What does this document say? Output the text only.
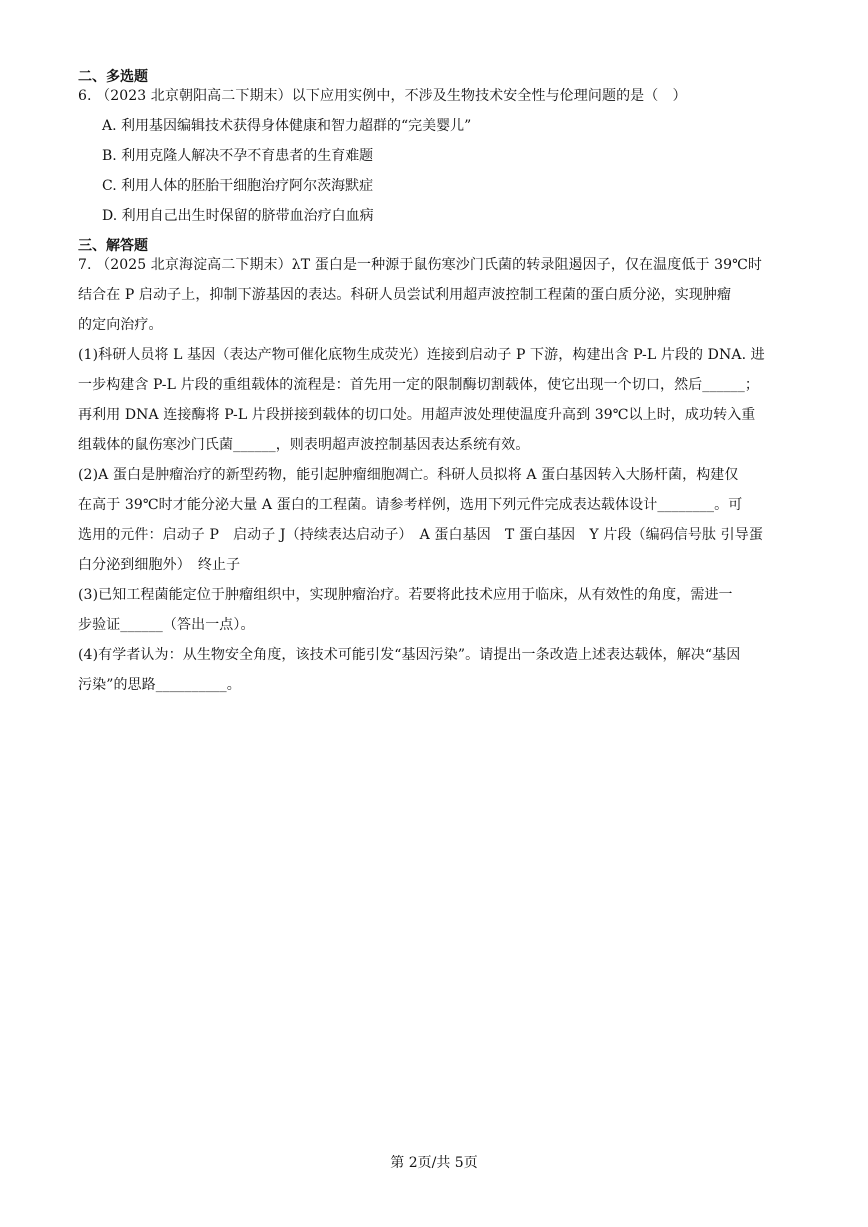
二、多选题
6. （2023 北京朝阳高二下期末）以下应用实例中，不涉及生物技术安全性与伦理问题的是（　）
A. 利用基因编辑技术获得身体健康和智力超群的“完美婴儿”
B. 利用克隆人解决不孕不育患者的生育难题
C. 利用人体的胚胎干细胞治疗阿尔茨海默症
D. 利用自己出生时保留的脐带血治疗白血病
三、解答题
7. （2025 北京海淀高二下期末）λT 蛋白是一种源于鼠伤寒沙门氏菌的转录阻遏因子，仅在温度低于 39℃时
结合在 P 启动子上，抑制下游基因的表达。科研人员尝试利用超声波控制工程菌的蛋白质分泌，实现肿瘤
的定向治疗。
(1)科研人员将 L 基因（表达产物可催化底物生成荧光）连接到启动子 P 下游，构建出含 P-L 片段的 DNA. 进
一步构建含 P-L 片段的重组载体的流程是：首先用一定的限制酶切割载体，使它出现一个切口，然后______；
再利用 DNA 连接酶将 P-L 片段拼接到载体的切口处。用超声波处理使温度升高到 39℃以上时，成功转入重
组载体的鼠伤寒沙门氏菌______，则表明超声波控制基因表达系统有效。
(2)A 蛋白是肿瘤治疗的新型药物，能引起肿瘤细胞凋亡。科研人员拟将 A 蛋白基因转入大肠杆菌，构建仅
在高于 39℃时才能分泌大量 A 蛋白的工程菌。请参考样例，选用下列元件完成表达载体设计________。可
选用的元件：启动子 P　启动子 J（持续表达启动子）　A 蛋白基因　T 蛋白基因　Y 片段（编码信号肽 引导蛋
白分泌到细胞外）　终止子
(3)已知工程菌能定位于肿瘤组织中，实现肿瘤治疗。若要将此技术应用于临床，从有效性的角度，需进一
步验证______（答出一点）。
(4)有学者认为：从生物安全角度，该技术可能引发“基因污染”。请提出一条改造上述表达载体，解决“基因
污染”的思路__________。
第 2页/共 5页
